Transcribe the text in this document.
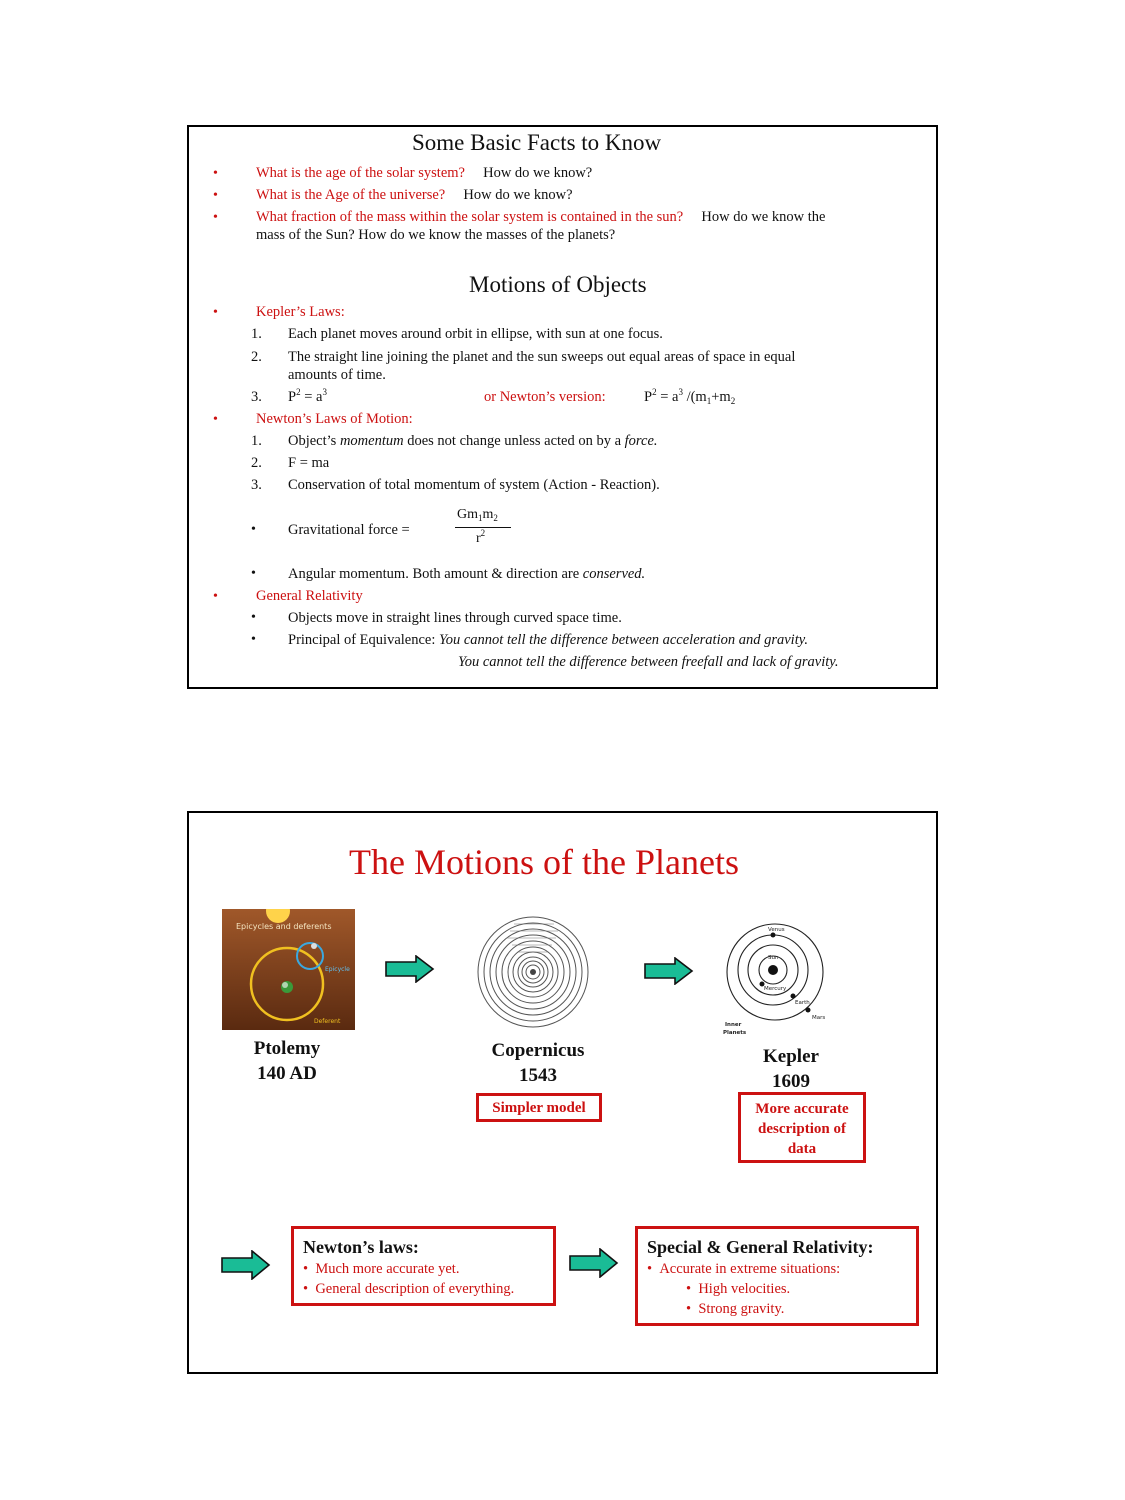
Some Basic Facts to Know
•	What is the age of the solar system? How do we know?
•	What is the Age of the universe? How do we know?
•	What fraction of the mass within the solar system is contained in the sun? How do we know the
mass of the Sun? How do we know the masses of the planets?
Motions of Objects
•	Kepler’s Laws:
1. Each planet moves around orbit in ellipse, with sun at one focus.
2. The straight line joining the planet and the sun sweeps out equal areas of space in equal
amounts of time.
3. $P^2 = a^3$	or Newton’s version:	$P^2 = a^3$ $/(m_1+m_2$
•	Newton’s Laws of Motion:
1. Object’s momentum does not change unless acted on by a force.
2. F = ma
3. Conservation of total momentum of system (Action - Reaction).
• Gravitational force =
$Gm_1m_2$
$r^2$
• Angular momentum. Both amount & direction are conserved.
•	General Relativity
• Objects move in straight lines through curved space time.
• Principal of Equivalence: You cannot tell the difference between acceleration and gravity.
You cannot tell the difference between freefall and lack of gravity.
The Motions of the Planets
Epicycles and deferents
Epicycle
Deferent
Ptolemy
140 AD
Copernicus
1543
Simpler model
Venus
Sun
Mercury
Earth
Mars
Inner
Planets
Kepler
1609
More accurate
description of
data
Newton’s laws:
•  Much more accurate yet.
•  General description of everything.
Special & General Relativity:
•  Accurate in extreme situations:
•  High velocities.
•  Strong gravity.
